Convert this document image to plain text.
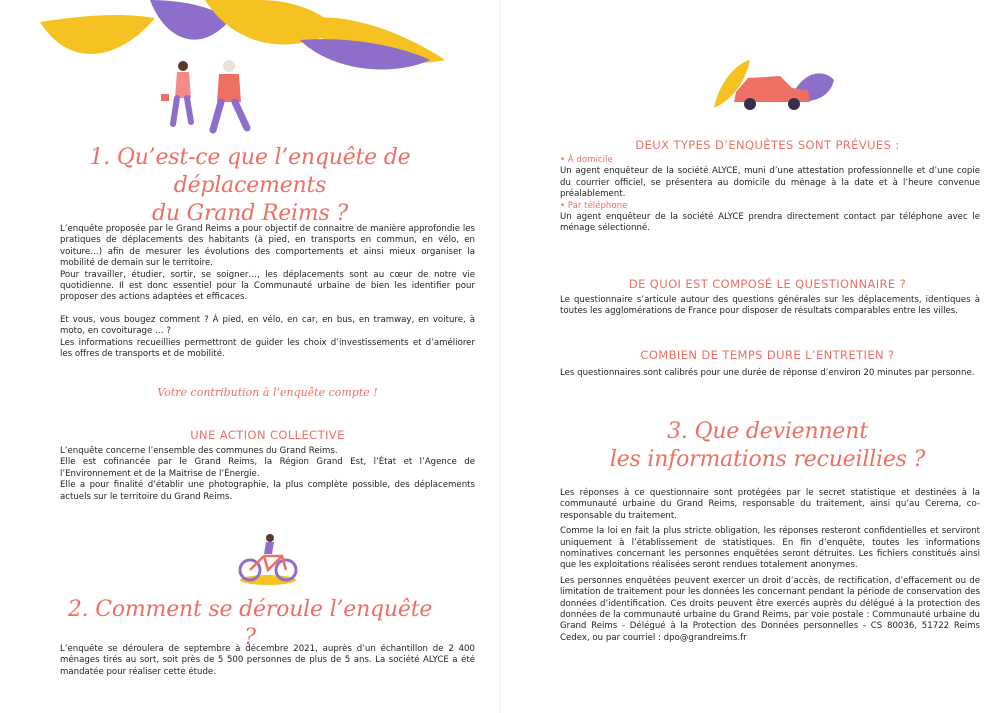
1. Qu’est-ce que l’enquête de déplacements
du Grand Reims ?

L’enquête proposée par le Grand Reims a pour objectif de connaitre de manière approfondie les pratiques de déplacements des habitants (à pied, en transports en commun, en vélo, en voiture…) afin de mesurer les évolutions des comportements et ainsi mieux organiser la mobilité de demain sur le territoire.

Pour travailler, étudier, sortir, se soigner…, les déplacements sont au cœur de notre vie quotidienne. Il est donc essentiel pour la Communauté urbaine de bien les identifier pour proposer des actions adaptées et efficaces.

Et vous, vous bougez comment ? À pied, en vélo, en car, en bus, en tramway, en voiture, à moto, en covoiturage … ?

Les informations recueillies permettront de guider les choix d’investissements et d’améliorer les offres de transports et de mobilité.

Votre contribution à l’enquête compte !
UNE ACTION COLLECTIVE

L’enquête concerne l’ensemble des communes du Grand Reims.

Elle est cofinancée par le Grand Reims, la Région Grand Est, l’État et l’Agence de l’Environnement et de la Maitrise de l’Énergie.

Elle a pour finalité d’établir une photographie, la plus complète possible, des déplacements actuels sur le territoire du Grand Reims.

2. Comment se déroule l’enquête ?

L’enquête se déroulera de septembre à décembre 2021, auprès d’un échantillon de 2 400 ménages tirés au sort, soit près de 5 500 personnes de plus de 5 ans. La société ALYCE a été mandatée pour réaliser cette étude.

DEUX TYPES D’ENQUÊTES SONT PRÉVUES :

• À domicile

Un agent enquêteur de la société ALYCE, muni d’une attestation professionnelle et d’une copie du courrier officiel, se présentera au domicile du ménage à la date et à l’heure convenue préalablement.

• Par téléphone

Un agent enquêteur de la société ALYCE prendra directement contact par téléphone avec le ménage sélectionné.

DE QUOI EST COMPOSÉ LE QUESTIONNAIRE ?

Le questionnaire s’articule autour des questions générales sur les déplacements, identiques à toutes les agglomérations de France pour disposer de résultats comparables entre les villes.

COMBIEN DE TEMPS DURE L’ENTRETIEN ?

Les questionnaires sont calibrés pour une durée de réponse d’environ 20 minutes par personne.

3. Que deviennent
les informations recueillies ?

Les réponses à ce questionnaire sont protégées par le secret statistique et destinées à la communauté urbaine du Grand Reims, responsable du traitement, ainsi qu’au Cerema, co-responsable du traitement.

Comme la loi en fait la plus stricte obligation, les réponses resteront confidentielles et serviront uniquement à l’établissement de statistiques. En fin d’enquête, toutes les informations nominatives concernant les personnes enquêtées seront détruites. Les fichiers constitués ainsi que les exploitations réalisées seront rendues totalement anonymes.

Les personnes enquêtées peuvent exercer un droit d’accès, de rectification, d’effacement ou de limitation de traitement pour les données les concernant pendant la période de conservation des données d’identification. Ces droits peuvent être exercés auprès du délégué à la protection des données de la communauté urbaine du Grand Reims, par voie postale : Communauté urbaine du Grand Reims - Délégué à la Protection des Données personnelles - CS 80036, 51722 Reims Cedex, ou par courriel : dpo@grandreims.fr
